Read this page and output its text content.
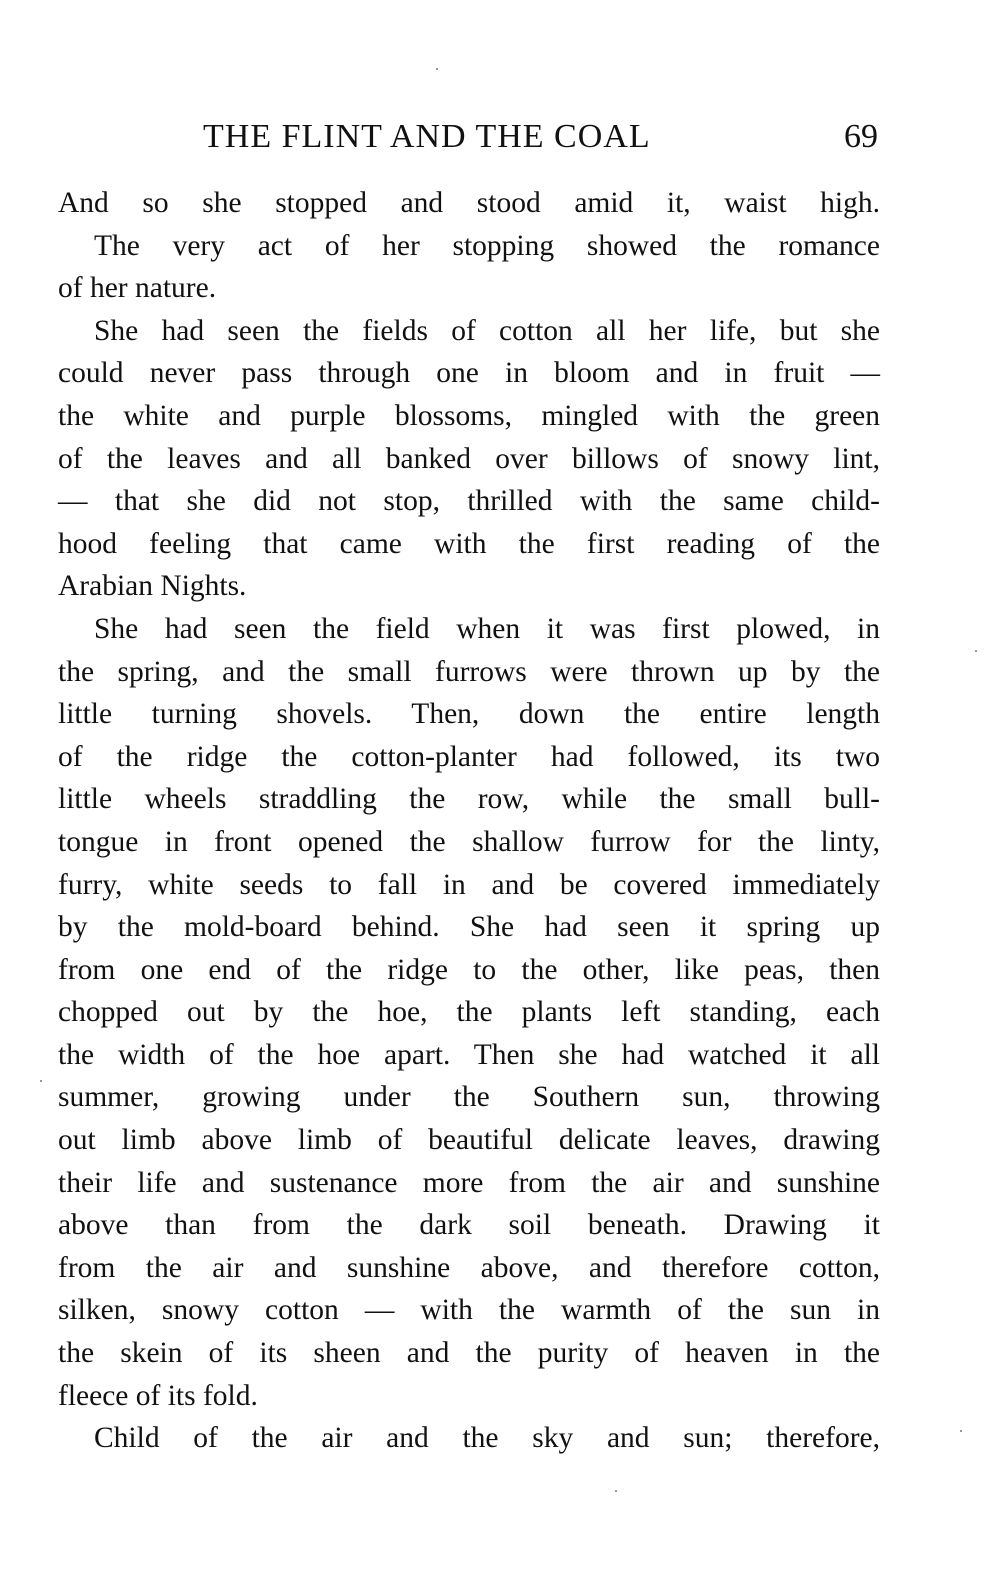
THE FLINT AND THE COAL	69
And so she stopped and stood amid it, waist high.
The very act of her stopping showed the romance
of her nature.
She had seen the fields of cotton all her life, but she
could never pass through one in bloom and in fruit —
the white and purple blossoms, mingled with the green
of the leaves and all banked over billows of snowy lint,
— that she did not stop, thrilled with the same child-
hood feeling that came with the first reading of the
Arabian Nights.
She had seen the field when it was first plowed, in
the spring, and the small furrows were thrown up by the
little turning shovels. Then, down the entire length
of the ridge the cotton-planter had followed, its two
little wheels straddling the row, while the small bull-
tongue in front opened the shallow furrow for the linty,
furry, white seeds to fall in and be covered immediately
by the mold-board behind. She had seen it spring up
from one end of the ridge to the other, like peas, then
chopped out by the hoe, the plants left standing, each
the width of the hoe apart. Then she had watched it all
summer, growing under the Southern sun, throwing
out limb above limb of beautiful delicate leaves, drawing
their life and sustenance more from the air and sunshine
above than from the dark soil beneath. Drawing it
from the air and sunshine above, and therefore cotton,
silken, snowy cotton — with the warmth of the sun in
the skein of its sheen and the purity of heaven in the
fleece of its fold.
Child of the air and the sky and sun; therefore,
